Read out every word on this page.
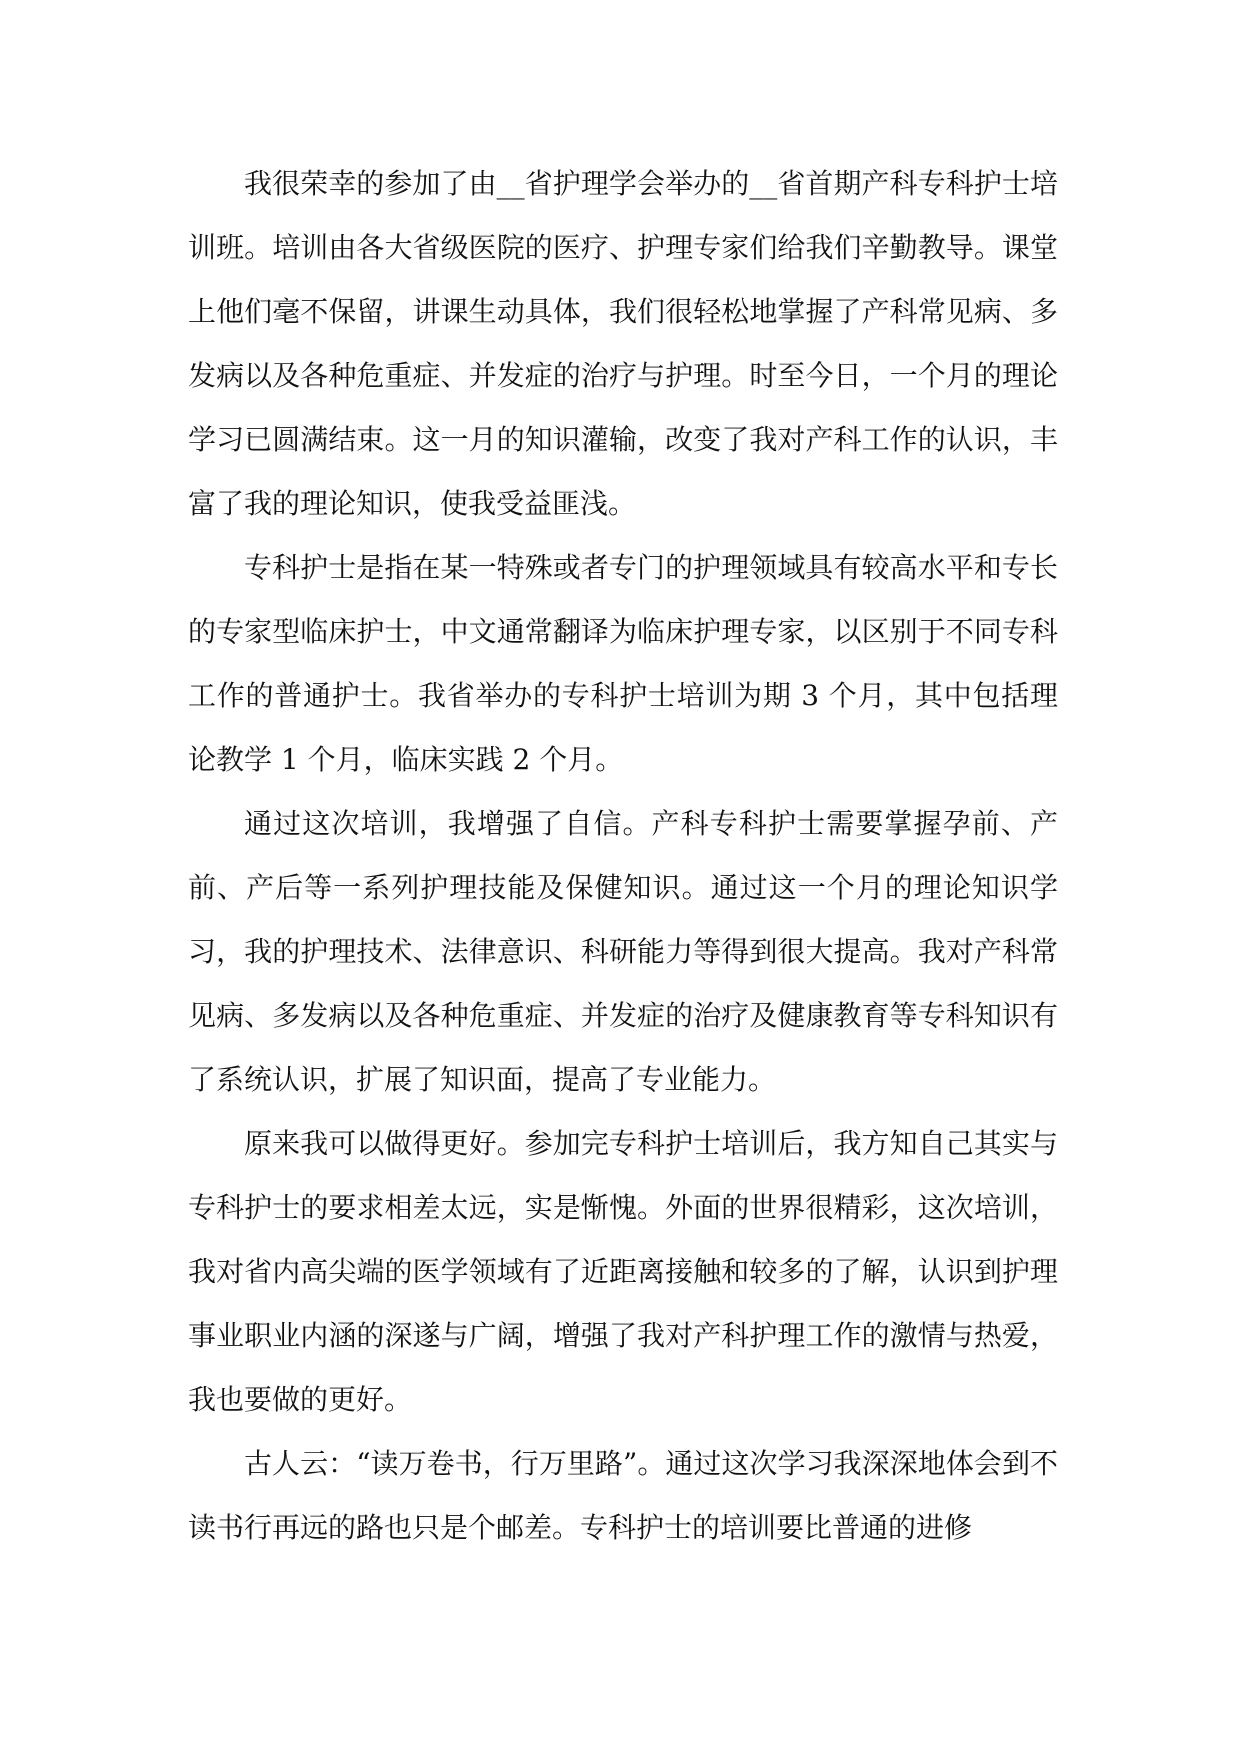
我很荣幸的参加了由__省护理学会举办的__省首期产科专科护士培训班。培训由各大省级医院的医疗、护理专家们给我们辛勤教导。课堂上他们毫不保留，讲课生动具体，我们很轻松地掌握了产科常见病、多发病以及各种危重症、并发症的治疗与护理。时至今日，一个月的理论学习已圆满结束。这一月的知识灌输，改变了我对产科工作的认识，丰富了我的理论知识，使我受益匪浅。

专科护士是指在某一特殊或者专门的护理领域具有较高水平和专长的专家型临床护士，中文通常翻译为临床护理专家，以区别于不同专科工作的普通护士。我省举办的专科护士培训为期 3 个月，其中包括理论教学 1 个月，临床实践 2 个月。

通过这次培训，我增强了自信。产科专科护士需要掌握孕前、产前、产后等一系列护理技能及保健知识。通过这一个月的理论知识学习，我的护理技术、法律意识、科研能力等得到很大提高。我对产科常见病、多发病以及各种危重症、并发症的治疗及健康教育等专科知识有了系统认识，扩展了知识面，提高了专业能力。

原来我可以做得更好。参加完专科护士培训后，我方知自己其实与专科护士的要求相差太远，实是惭愧。外面的世界很精彩，这次培训，我对省内高尖端的医学领域有了近距离接触和较多的了解，认识到护理事业职业内涵的深遂与广阔，增强了我对产科护理工作的激情与热爱，我也要做的更好。

古人云：“读万卷书，行万里路”。通过这次学习我深深地体会到不读书行再远的路也只是个邮差。专科护士的培训要比普通的进修
